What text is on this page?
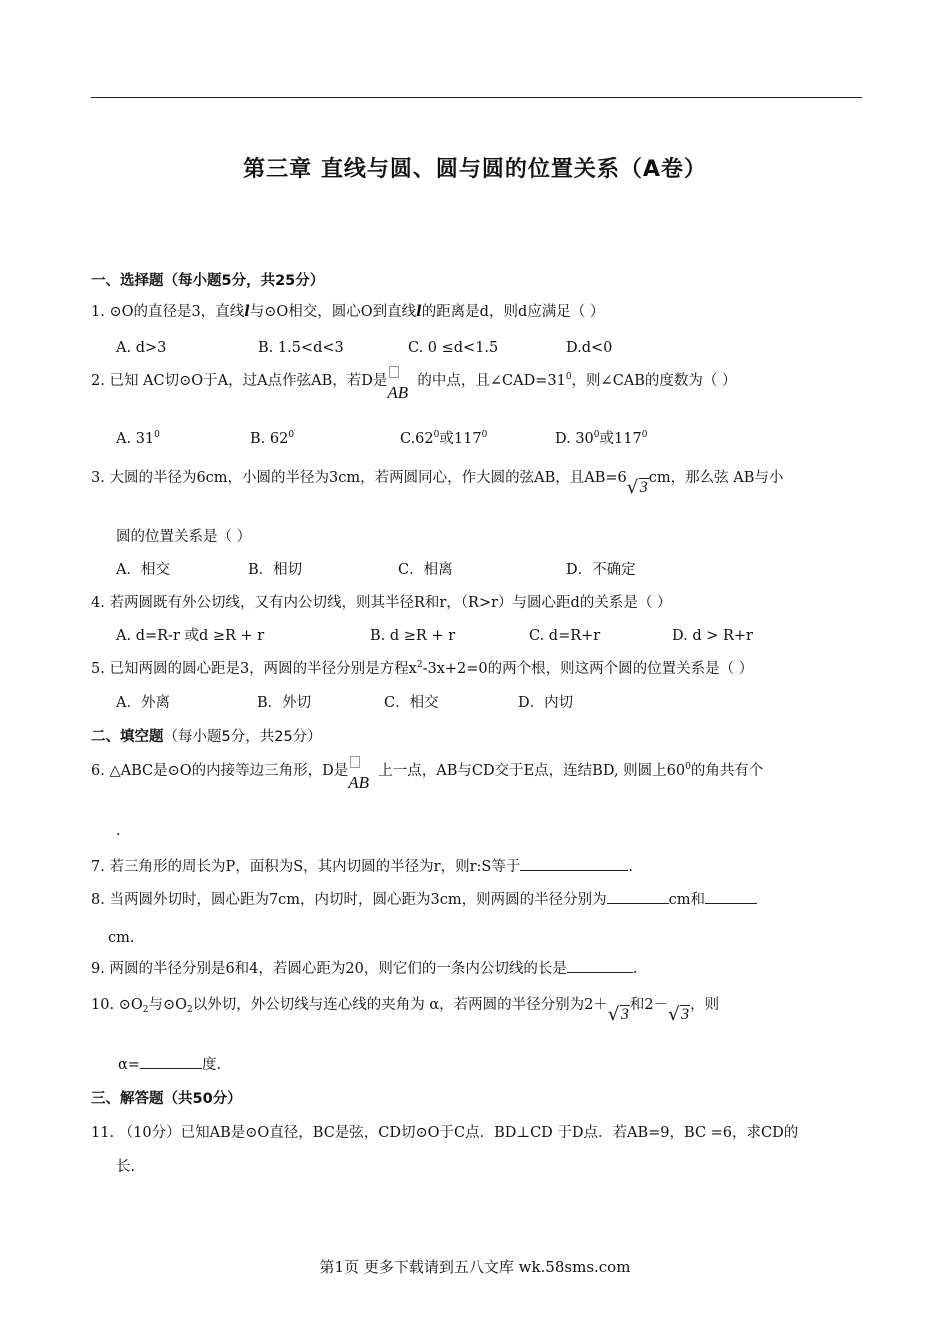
第三章 直线与圆、圆与圆的位置关系（A卷）
一、选择题（每小题5分，共25分）
1. ⊙O的直径是3，直线l与⊙O相交，圆心O到直线l的距离是d，则d应满足（ ）
A. d>3	B. 1.5<d<3	C. 0 ≤d<1.5	D.d<0
2. 已知 AC切⊙O于A，过A点作弦AB，若D是
AB
的中点，且$\angle CAD=31^0$，则∠CAB的度数为（ ）
A. $31^0$	B. $62^0$	$C.62^0$或$117^0$	D. $30^0$或$117^0$
3. 大圆的半径为6cm，小圆的半径为3cm，若两圆同心，作大圆的弦AB，且AB=6 √ 3cm，那么弦 AB与小
圆的位置关系是（ ）
A．相交	B．相切	C．相离	D．不确定
4. 若两圆既有外公切线，又有内公切线，则其半径R和r，（R>r）与圆心距d的关系是（ ）
A. d=R-r 或d ≥R + r	B. d ≥R + r	C. d=R+r	D. d > R+r
5. 已知两圆的圆心距是3，两圆的半径分别是方程$x^2-3x+2=0$的两个根，则这两个圆的位置关系是（ ）
A．外离	B．外切	C．相交	D．内切
二、填空题（每小题5分，共25分）
6. △ABC是⊙O的内接等边三角形，D是
AB
上一点，AB与CD交于E点，连结BD, 则圆上$60^0$的角共有个
.
7. 若三角形的周长为P，面积为S，其内切圆的半径为r，则r:S等于	.
8. 当两圆外切时，圆心距为7cm，内切时，圆心距为3cm，则两圆的半径分别为	cm和
cm.
9. 两圆的半径分别是6和4，若圆心距为20，则它们的一条内公切线的长是	.
10. $⊙O_2$与$⊙O_2$以外切，外公切线与连心线的夹角为 α，若两圆的半径分别为2＋ √ 3和2－ √ 3，则
α=	度.
三、解答题（共50分）
11. （10分）已知AB是⊙O直径，BC是弦，CD切⊙O于C点．BD⊥CD 于D点．若AB=9，BC =6，求CD的
长.
第1页 更多下载请到五八文库 wk.58sms.com
